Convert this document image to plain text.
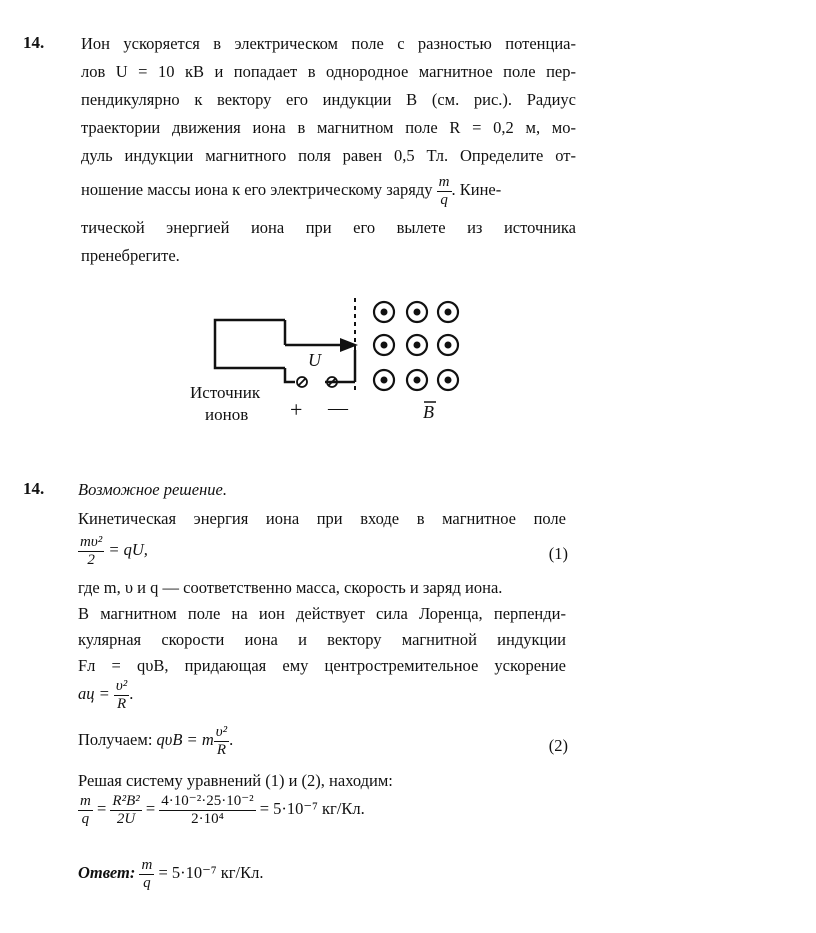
14. Ион ускоряется в электрическом поле с разностью потенциа-
лов U = 10 кВ и попадает в однородное магнитное поле пер-
пендикулярно к вектору его индукции B (см. рис.). Радиус
траектории движения иона в магнитном поле R = 0,2 м, мо-
дуль индукции магнитного поля равен 0,5 Тл. Определите от-
ношение массы иона к его электрическому заряду $\frac{m}{q}$ . Кине-
тической энергией иона при его вылете из источника
пренебрегите.
U
Источник
ионов + —	B
14. Возможное решение.
Кинетическая энергия иона при входе в магнитное поле
$\frac{\text{mυ²}}{2}$ = qU,	(1)
где m, υ и q — соответственно масса, скорость и заряд иона.
В магнитном поле на ион действует сила Лоренца, перпенди-
кулярная скорости иона и вектору магнитной индукции
Fл = qυB, придающая ему центростремительное ускорение
aц = $\frac{\text{υ²}}{R}$ .
Получаем: qυB = m $\frac{\text{υ²}}{R}$ .	(2)
Решая систему уравнений (1) и (2), находим:
$\frac{m}{q} = \frac{\text{R²B²}}{2U} = \frac{\text{4·10⁻²·25·10⁻²}}{\text{2·10⁴}} = 5\cdot 10^{-7}$ кг/Кл.
Ответ: $\frac{m}{q} = 5\cdot 10^{-7}$ кг/Кл.
